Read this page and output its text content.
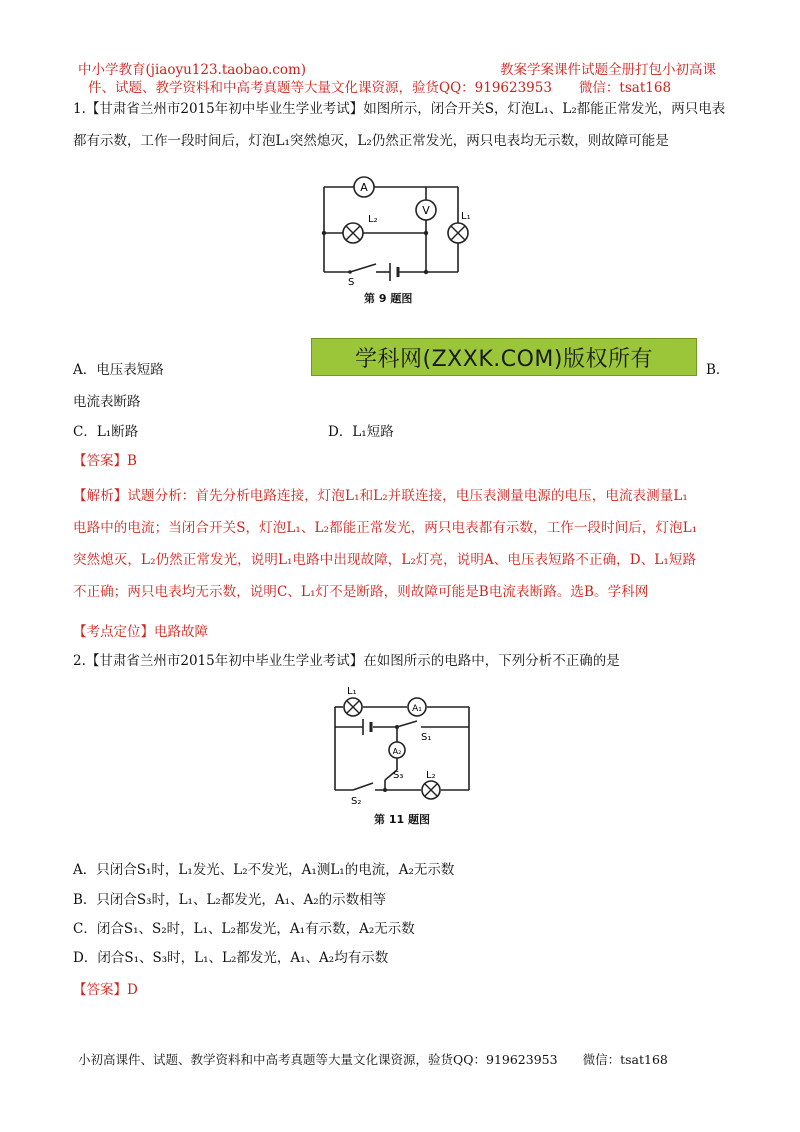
中小学教育(jiaoyu123.taobao.com)	教案学案课件试题全册打包小初高课
件、试题、教学资料和中高考真题等大量文化课资源，验货QQ：919623953　　微信：tsat168
1.【甘肃省兰州市2015年初中毕业生学业考试】如图所示，闭合开关S，灯泡L₁、L₂都能正常发光，两只电表
都有示数，工作一段时间后，灯泡L₁突然熄灭，L₂仍然正常发光，两只电表均无示数，则故障可能是
A
V
L₂	L₁
S
第 9 题图
A．电压表短路	学科网(ZXXK.COM)版权所有	B．
电流表断路
C．L₁断路	D．L₁短路
【答案】B
【解析】试题分析：首先分析电路连接，灯泡L₁和L₂并联连接，电压表测量电源的电压，电流表测量L₁
电路中的电流；当闭合开关S，灯泡L₁、L₂都能正常发光，两只电表都有示数，工作一段时间后，灯泡L₁
突然熄灭，L₂仍然正常发光，说明L₁电路中出现故障，L₂灯亮，说明A、电压表短路不正确，D、L₁短路
不正确；两只电表均无示数，说明C、L₁灯不是断路，则故障可能是B电流表断路。选B。学科网
【考点定位】电路故障
2.【甘肃省兰州市2015年初中毕业生学业考试】在如图所示的电路中，下列分析不正确的是
L₁
A₁
A₂
S₁
S₃ L₂
S₂
第 11 题图
A．只闭合S₁时，L₁发光、L₂不发光，A₁测L₁的电流，A₂无示数
B．只闭合S₃时，L₁、L₂都发光，A₁、A₂的示数相等
C．闭合S₁、S₂时，L₁、L₂都发光，A₁有示数，A₂无示数
D．闭合S₁、S₃时，L₁、L₂都发光，A₁、A₂均有示数
【答案】D
小初高课件、试题、教学资料和中高考真题等大量文化课资源，验货QQ：919623953　　微信：tsat168
